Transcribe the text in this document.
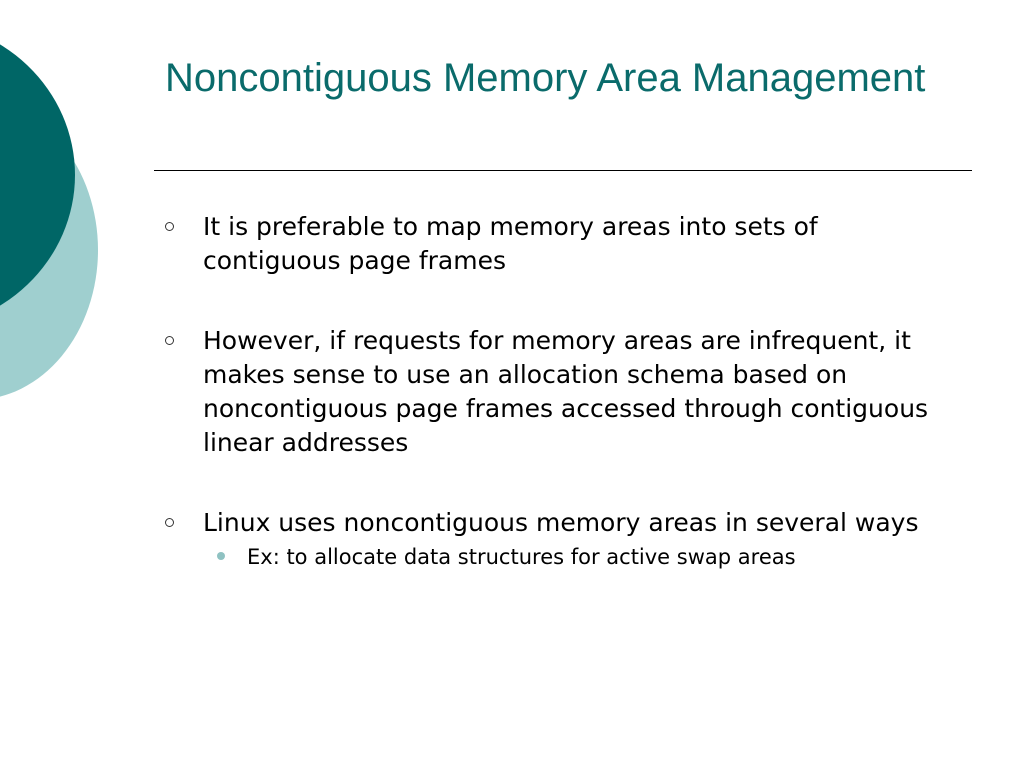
Noncontiguous Memory Area Management
It is preferable to map memory areas into sets of contiguous page frames
However, if requests for memory areas are infrequent, it makes sense to use an allocation schema based on noncontiguous page frames accessed through contiguous linear addresses
Linux uses noncontiguous memory areas in several ways
Ex: to allocate data structures for active swap areas
